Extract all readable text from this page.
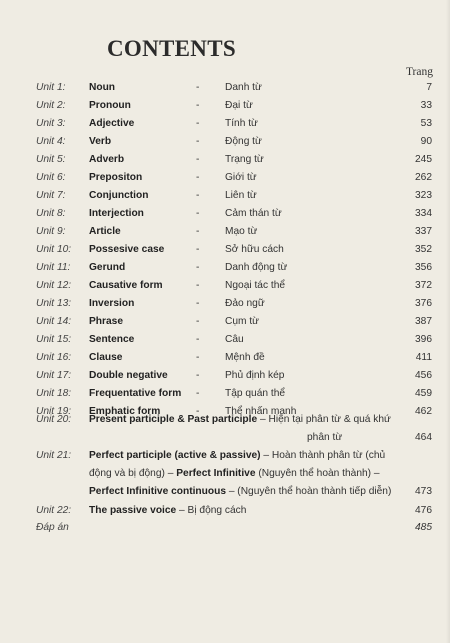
CONTENTS
Trang
Unit 1: Noun	-	Danh từ	7
Unit 2: Pronoun	-	Đại từ	33
Unit 3: Adjective	-	Tính từ	53
Unit 4: Verb	-	Động từ	90
Unit 5: Adverb	-	Trạng từ	245
Unit 6: Prepositon	-	Giới từ	262
Unit 7: Conjunction	-	Liên từ	323
Unit 8: Interjection	-	Cảm thán từ	334
Unit 9: Article	-	Mạo từ	337
Unit 10: Possesive case	-	Sở hữu cách	352
Unit 11: Gerund	-	Danh động từ	356
Unit 12: Causative form	-	Ngoại tác thể	372
Unit 13: Inversion	-	Đảo ngữ	376
Unit 14: Phrase	-	Cụm từ	387
Unit 15: Sentence	-	Câu	396
Unit 16: Clause	-	Mệnh đề	411
Unit 17: Double negative	-	Phủ định kép	456
Unit 18: Frequentative form -	Tập quán thể	459
Unit 19: Emphatic form	-	Thể nhấn mạnh	462
Unit 20: Present participle & Past participle – Hiện tại phân từ & quá khứ
phân từ	464
Unit 21: Perfect participle (active & passive) – Hoàn thành phân từ (chủ
động và bị động) – Perfect Infinitive (Nguyên thể hoàn thành) –
Perfect Infinitive continuous – (Nguyên thể hoàn thành tiếp diễn) 473
Unit 22: The passive voice – Bị động cách	476
Đáp án	485
